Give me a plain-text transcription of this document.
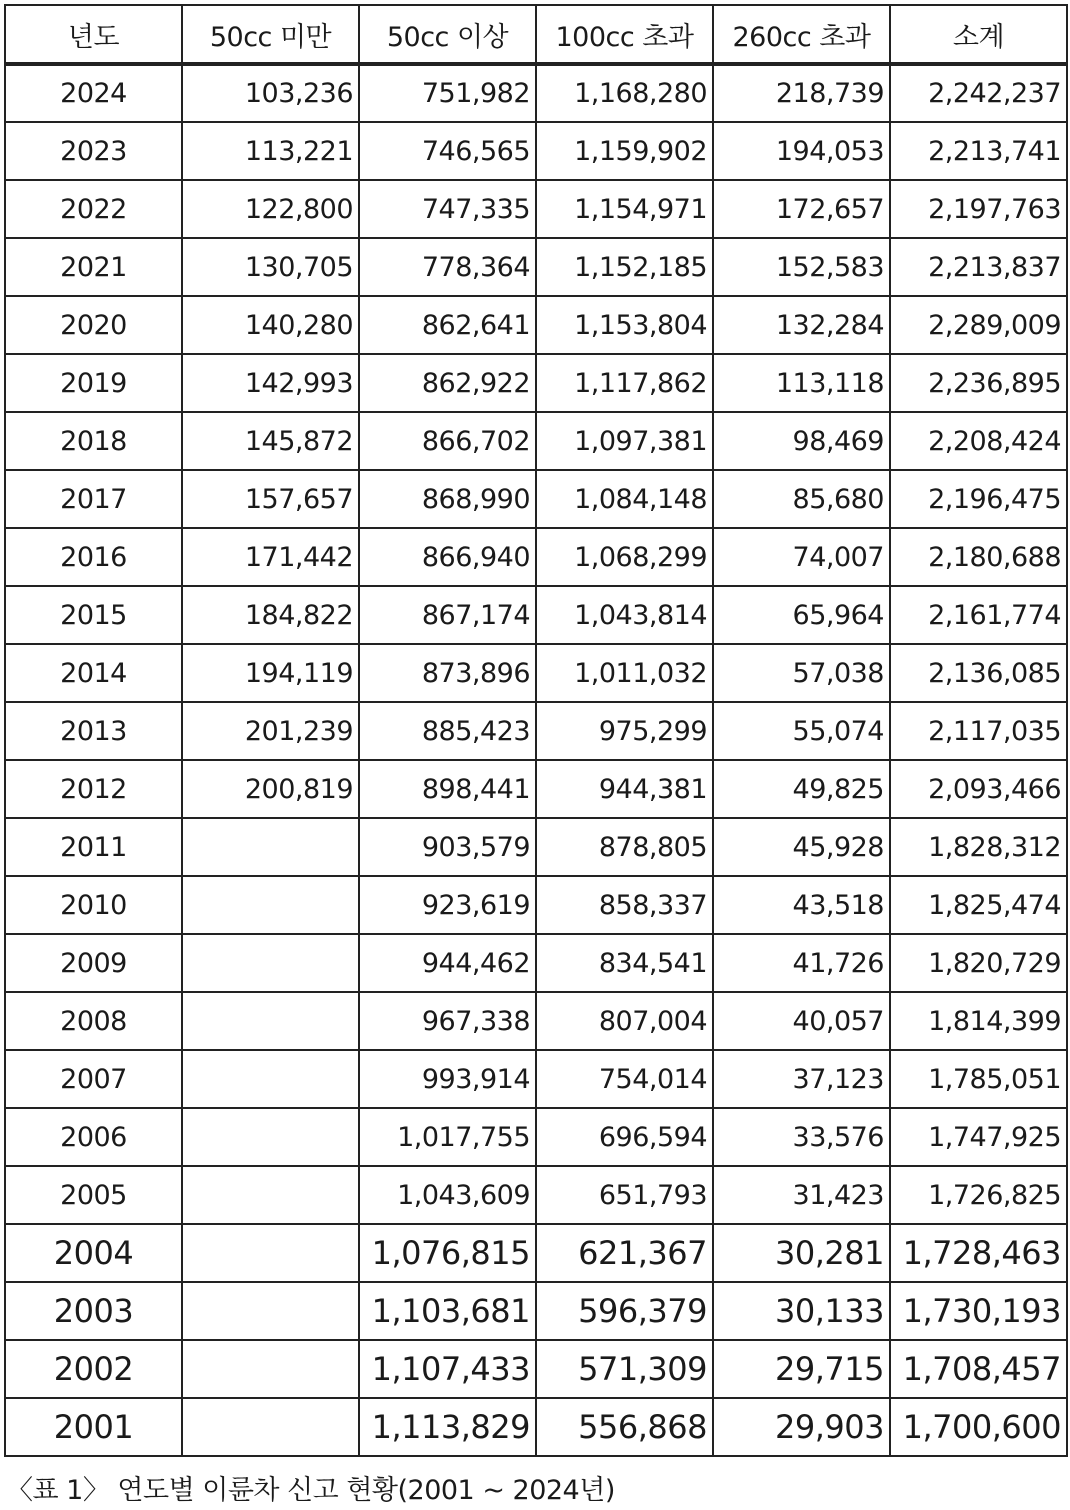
년도	50cc 미만	50cc 이상	100cc 초과	260cc 초과	소계
2024	103,236	751,982	1,168,280	218,739	2,242,237
2023	113,221	746,565	1,159,902	194,053	2,213,741
2022	122,800	747,335	1,154,971	172,657	2,197,763
2021	130,705	778,364	1,152,185	152,583	2,213,837
2020	140,280	862,641	1,153,804	132,284	2,289,009
2019	142,993	862,922	1,117,862	113,118	2,236,895
2018	145,872	866,702	1,097,381	98,469	2,208,424
2017	157,657	868,990	1,084,148	85,680	2,196,475
2016	171,442	866,940	1,068,299	74,007	2,180,688
2015	184,822	867,174	1,043,814	65,964	2,161,774
2014	194,119	873,896	1,011,032	57,038	2,136,085
2013	201,239	885,423	975,299	55,074	2,117,035
2012	200,819	898,441	944,381	49,825	2,093,466
2011		903,579	878,805	45,928	1,828,312
2010		923,619	858,337	43,518	1,825,474
2009		944,462	834,541	41,726	1,820,729
2008		967,338	807,004	40,057	1,814,399
2007		993,914	754,014	37,123	1,785,051
2006		1,017,755	696,594	33,576	1,747,925
2005		1,043,609	651,793	31,423	1,726,825
2004		1,076,815	621,367	30,281	1,728,463
2003		1,103,681	596,379	30,133	1,730,193
2002		1,107,433	571,309	29,715	1,708,457
2001		1,113,829	556,868	29,903	1,700,600
〈표 1〉 연도별 이륜차 신고 현황(2001 ~ 2024년)
